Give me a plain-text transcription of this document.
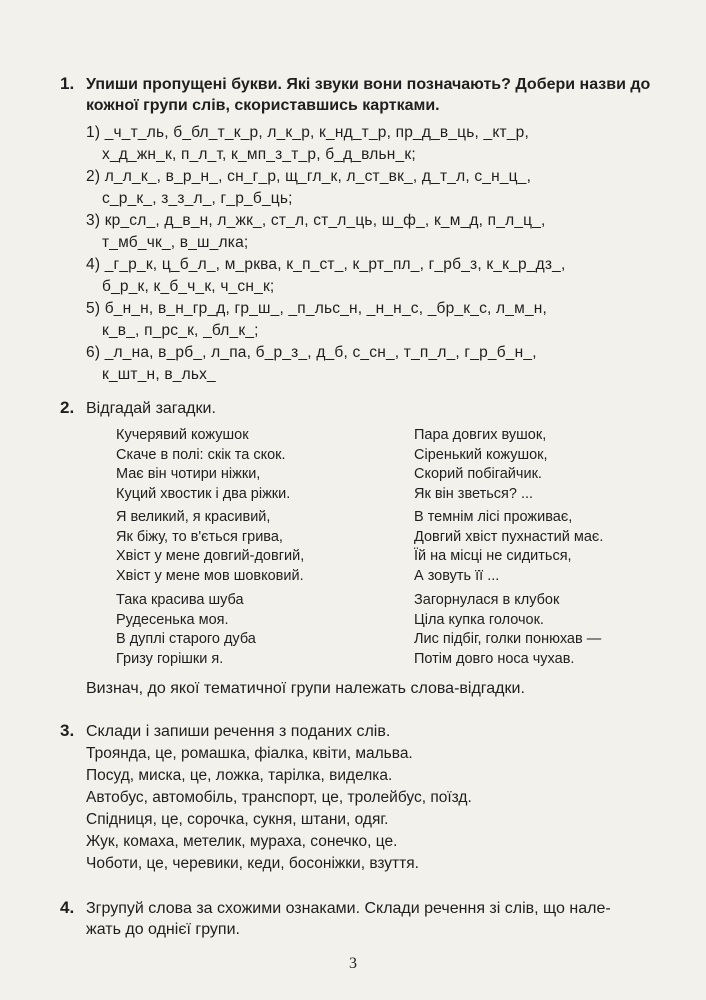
1. Упиши пропущені букви. Які звуки вони позначають? Добери назви до
кожної групи слів, скориставшись картками.
1) _ч_т_ль, б_бл_т_к_р, л_к_р, к_нд_т_р, пр_д_в_ць, _кт_р,
х_д_жн_к, п_л_т, к_мп_з_т_р, б_д_вльн_к;
2) л_л_к_, в_р_н_, сн_г_р, щ_гл_к, л_ст_вк_, д_т_л, с_н_ц_,
с_р_к_, з_з_л_, г_р_б_ць;
3) кр_сл_, д_в_н, л_жк_, ст_л, ст_л_ць, ш_ф_, к_м_д, п_л_ц_,
т_мб_чк_, в_ш_лка;
4) _г_р_к, ц_б_л_, м_рква, к_п_ст_, к_рт_пл_, г_рб_з, к_к_р_дз_,
б_р_к, к_б_ч_к, ч_сн_к;
5) б_н_н, в_н_гр_д, гр_ш_, _п_льс_н, _н_н_с, _бр_к_с, л_м_н,
к_в_, п_рс_к, _бл_к_;
6) _л_на, в_рб_, л_па, б_р_з_, д_б, с_сн_, т_п_л_, г_р_б_н_,
к_шт_н, в_льх_
2. Відгадай загадки.
Кучерявий кожушок
Скаче в полі: скік та скок.
Має він чотири ніжки,
Куций хвостик і два ріжки.
Пара довгих вушок,
Сіренький кожушок,
Скорий побігайчик.
Як він зветься? ...
Я великий, я красивий,
Як біжу, то в'ється грива,
Хвіст у мене довгий-довгий,
Хвіст у мене мов шовковий.
В темнім лісі проживає,
Довгий хвіст пухнастий має.
Їй на місці не сидиться,
А зовуть її ...
Така красива шуба
Рудесенька моя.
В дуплі старого дуба
Гризу горішки я.
Загорнулася в клубок
Ціла купка голочок.
Лис підбіг, голки понюхав —
Потім довго носа чухав.
Визнач, до якої тематичної групи належать слова-відгадки.
3. Склади і запиши речення з поданих слів.
Троянда, це, ромашка, фіалка, квіти, мальва.
Посуд, миска, це, ложка, тарілка, виделка.
Автобус, автомобіль, транспорт, це, тролейбус, поїзд.
Спідниця, це, сорочка, сукня, штани, одяг.
Жук, комаха, метелик, мураха, сонечко, це.
Чоботи, це, черевики, кеди, босоніжки, взуття.
4. Згрупуй слова за схожими ознаками. Склади речення зі слів, що нале-
жать до однієї групи.
3
